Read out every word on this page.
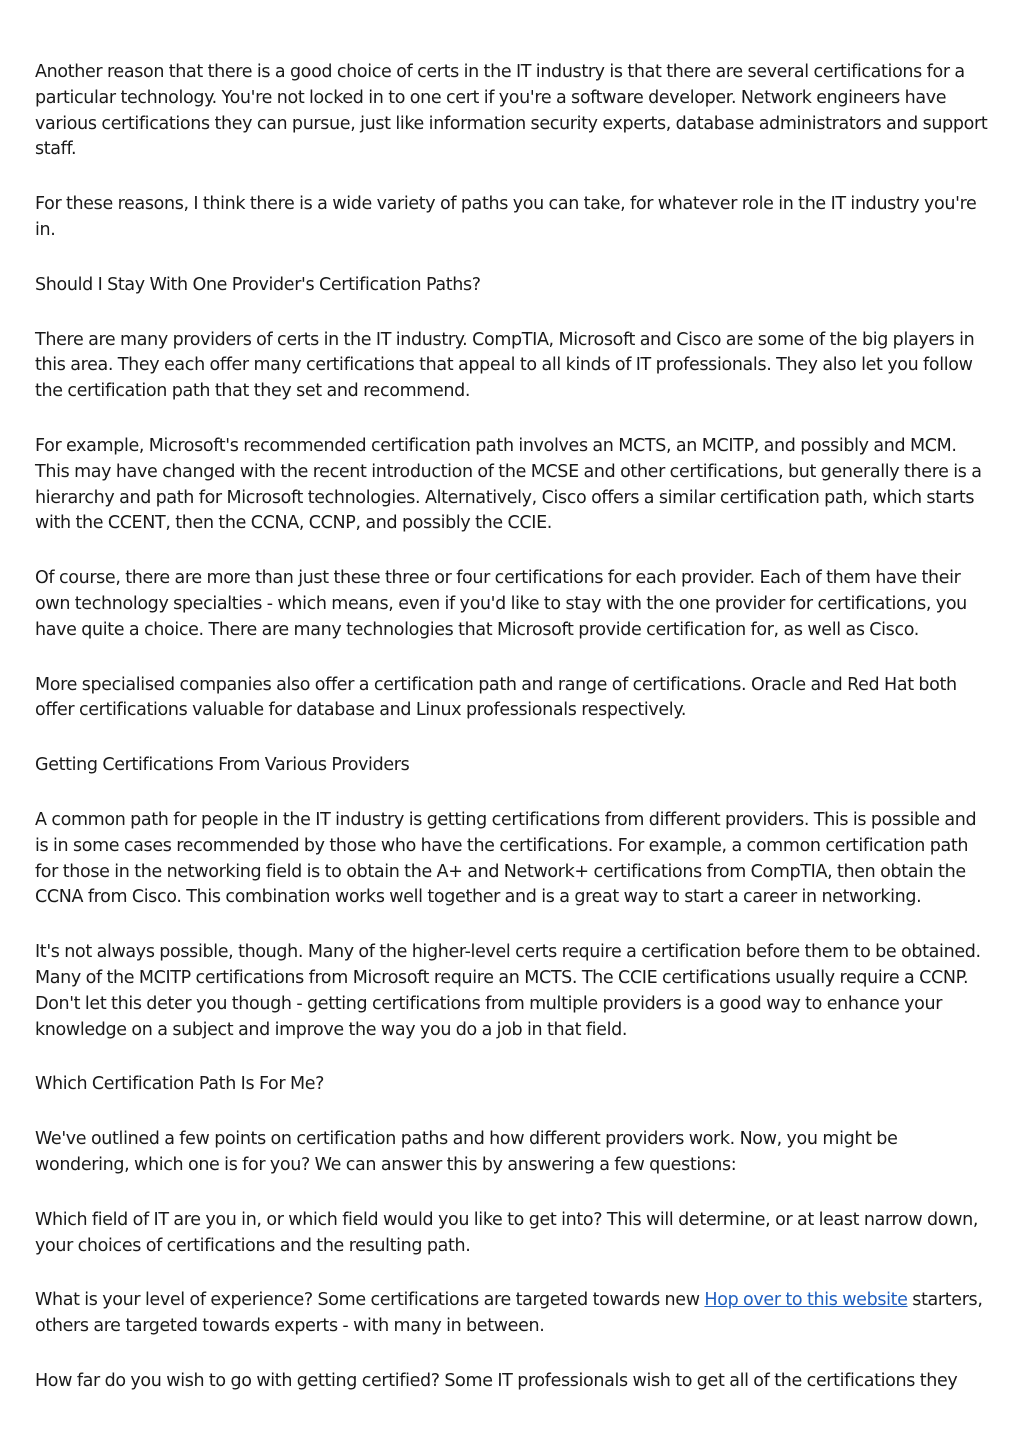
Another reason that there is a good choice of certs in the IT industry is that there are several certifications for a particular technology. You're not locked in to one cert if you're a software developer. Network engineers have various certifications they can pursue, just like information security experts, database administrators and support staff.

For these reasons, I think there is a wide variety of paths you can take, for whatever role in the IT industry you're in.

Should I Stay With One Provider's Certification Paths?

There are many providers of certs in the IT industry. CompTIA, Microsoft and Cisco are some of the big players in this area. They each offer many certifications that appeal to all kinds of IT professionals. They also let you follow the certification path that they set and recommend.

For example, Microsoft's recommended certification path involves an MCTS, an MCITP, and possibly and MCM. This may have changed with the recent introduction of the MCSE and other certifications, but generally there is a hierarchy and path for Microsoft technologies. Alternatively, Cisco offers a similar certification path, which starts with the CCENT, then the CCNA, CCNP, and possibly the CCIE.

Of course, there are more than just these three or four certifications for each provider. Each of them have their own technology specialties - which means, even if you'd like to stay with the one provider for certifications, you have quite a choice. There are many technologies that Microsoft provide certification for, as well as Cisco.

More specialised companies also offer a certification path and range of certifications. Oracle and Red Hat both offer certifications valuable for database and Linux professionals respectively.

Getting Certifications From Various Providers

A common path for people in the IT industry is getting certifications from different providers. This is possible and is in some cases recommended by those who have the certifications. For example, a common certification path for those in the networking field is to obtain the A+ and Network+ certifications from CompTIA, then obtain the CCNA from Cisco. This combination works well together and is a great way to start a career in networking.

It's not always possible, though. Many of the higher-level certs require a certification before them to be obtained. Many of the MCITP certifications from Microsoft require an MCTS. The CCIE certifications usually require a CCNP. Don't let this deter you though - getting certifications from multiple providers is a good way to enhance your knowledge on a subject and improve the way you do a job in that field.

Which Certification Path Is For Me?

We've outlined a few points on certification paths and how different providers work. Now, you might be wondering, which one is for you? We can answer this by answering a few questions:

Which field of IT are you in, or which field would you like to get into? This will determine, or at least narrow down, your choices of certifications and the resulting path.

What is your level of experience? Some certifications are targeted towards new Hop over to this website starters, others are targeted towards experts - with many in between.

How far do you wish to go with getting certified? Some IT professionals wish to get all of the certifications they
